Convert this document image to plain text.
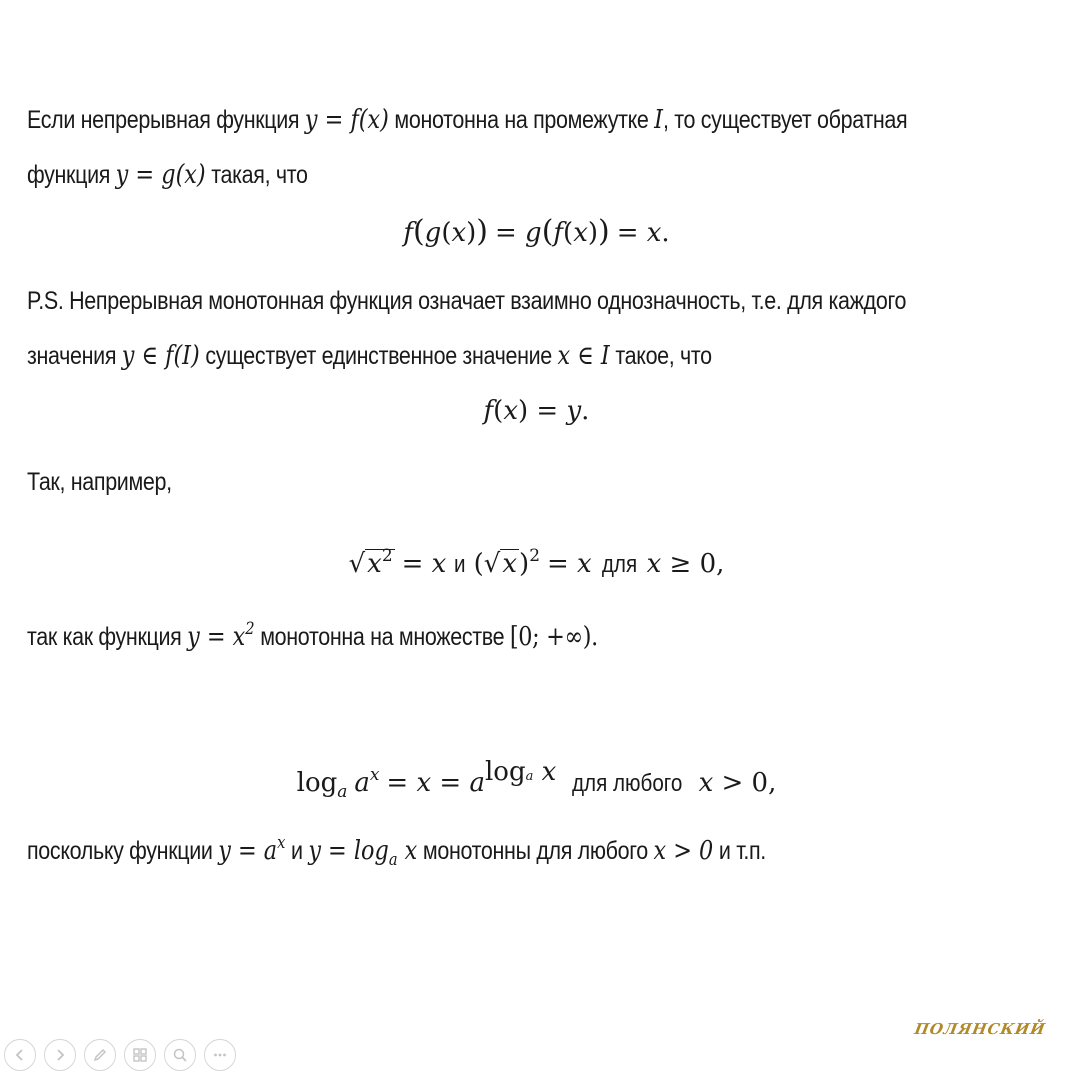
Если непрерывная функция y = f(x) монотонна на промежутке I, то существует обратная
функция y = g(x) такая, что
f(g(x)) = g(f(x)) = x.
P.S. Непрерывная монотонная функция означает взаимно однозначность, т.е. для каждого
значения y ∈ f(I) существует единственное значение x ∈ I такое, что
f(x) = y.
Так, например,
$√x^2 = x$ и $(√x)^2 = x$ для x ≥ 0,
так как функция $y = x^2$ монотонна на множестве [0; +∞).
$\log_a a^x = x = a^{loga x}$ для любого x > 0,
поскольку функции $y = a^x$ и $y = \log_a x$ монотонны для любого x > 0 и т.п.
ПОЛЯНСКИЙ
